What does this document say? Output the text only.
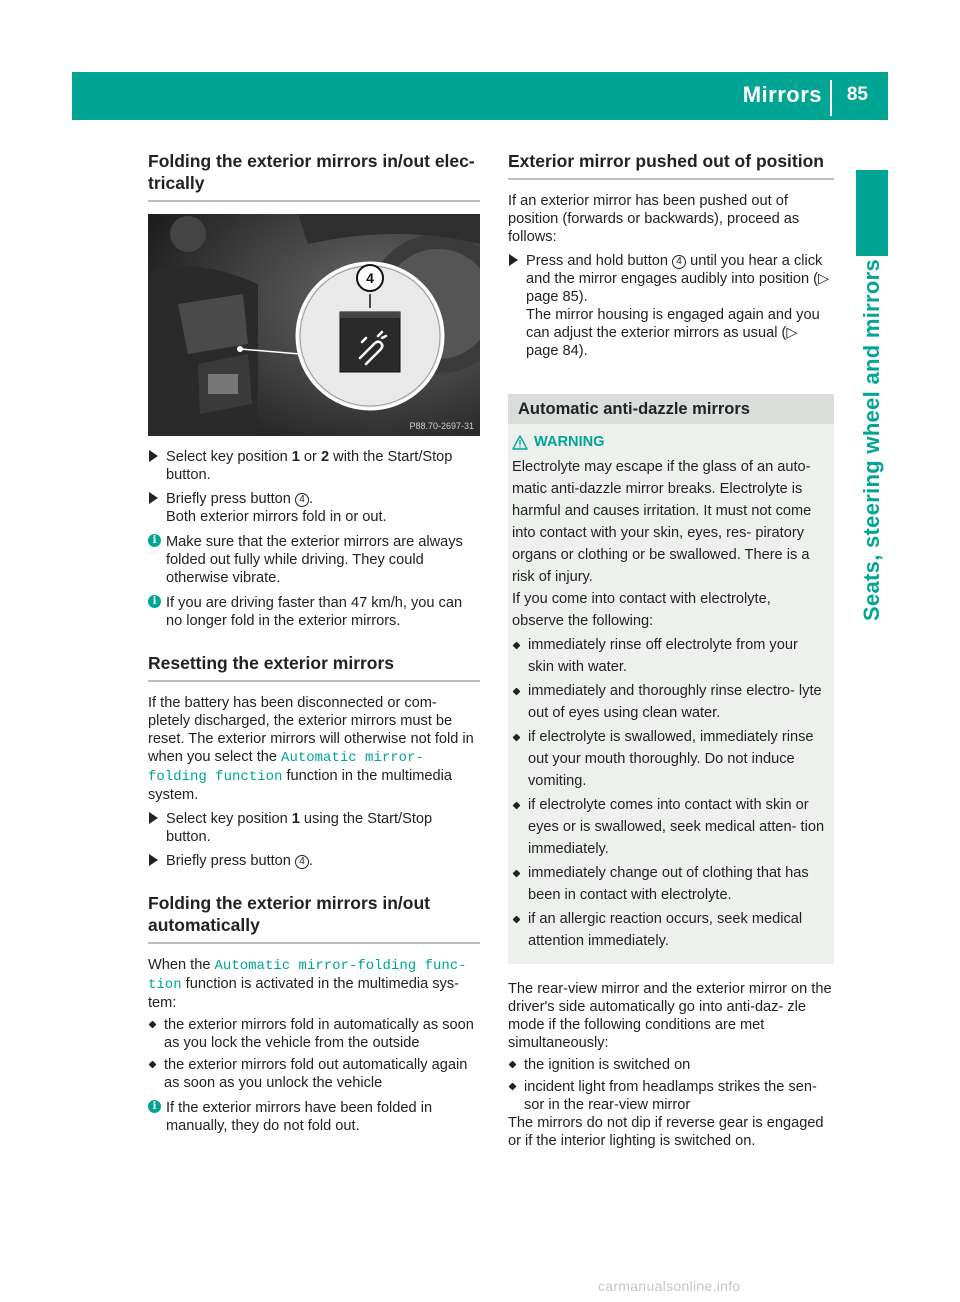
Mirrors 85
Seats, steering wheel and mirrors
Folding the exterior mirrors in/out elec- trically
4
P88.70-2697-31
Select key position 1 or 2 with the Start/Stop button.
Briefly press button 4 .
Both exterior mirrors fold in or out.
i Make sure that the exterior mirrors are always folded out fully while driving. They could otherwise vibrate.
i If you are driving faster than 47 km/h, you can no longer fold in the exterior mirrors.
Resetting the exterior mirrors

If the battery has been disconnected or com- pletely discharged, the exterior mirrors must be reset. The exterior mirrors will otherwise not fold in when you select the Automatic mirror- folding function function in the multimedia system.

Select key position 1 using the Start/Stop button.
Briefly press button 4 .
Folding the exterior mirrors in/out automatically

When the Automatic mirror-folding func‐ tion function is activated in the multimedia sys- tem:

the exterior mirrors fold in automatically as soon as you lock the vehicle from the outside
the exterior mirrors fold out automatically again as soon as you unlock the vehicle
i If the exterior mirrors have been folded in manually, they do not fold out.
Exterior mirror pushed out of position

If an exterior mirror has been pushed out of position (forwards or backwards), proceed as follows:

Press and hold button 4 until you hear a click and the mirror engages audibly into position (▷ page 85).
The mirror housing is engaged again and you can adjust the exterior mirrors as usual (▷ page 84).
Automatic anti-dazzle mirrors
WARNING

Electrolyte may escape if the glass of an auto- matic anti-dazzle mirror breaks. Electrolyte is harmful and causes irritation. It must not come into contact with your skin, eyes, res- piratory organs or clothing or be swallowed. There is a risk of injury.

If you come into contact with electrolyte, observe the following:

immediately rinse off electrolyte from your skin with water.
immediately and thoroughly rinse electro- lyte out of eyes using clean water.
if electrolyte is swallowed, immediately rinse out your mouth thoroughly. Do not induce vomiting.
if electrolyte comes into contact with skin or eyes or is swallowed, seek medical atten- tion immediately.
immediately change out of clothing that has been in contact with electrolyte.
if an allergic reaction occurs, seek medical attention immediately.

The rear-view mirror and the exterior mirror on the driver's side automatically go into anti-daz- zle mode if the following conditions are met simultaneously:

the ignition is switched on
incident light from headlamps strikes the sen- sor in the rear-view mirror

The mirrors do not dip if reverse gear is engaged or if the interior lighting is switched on.

carmanualsonline.info
